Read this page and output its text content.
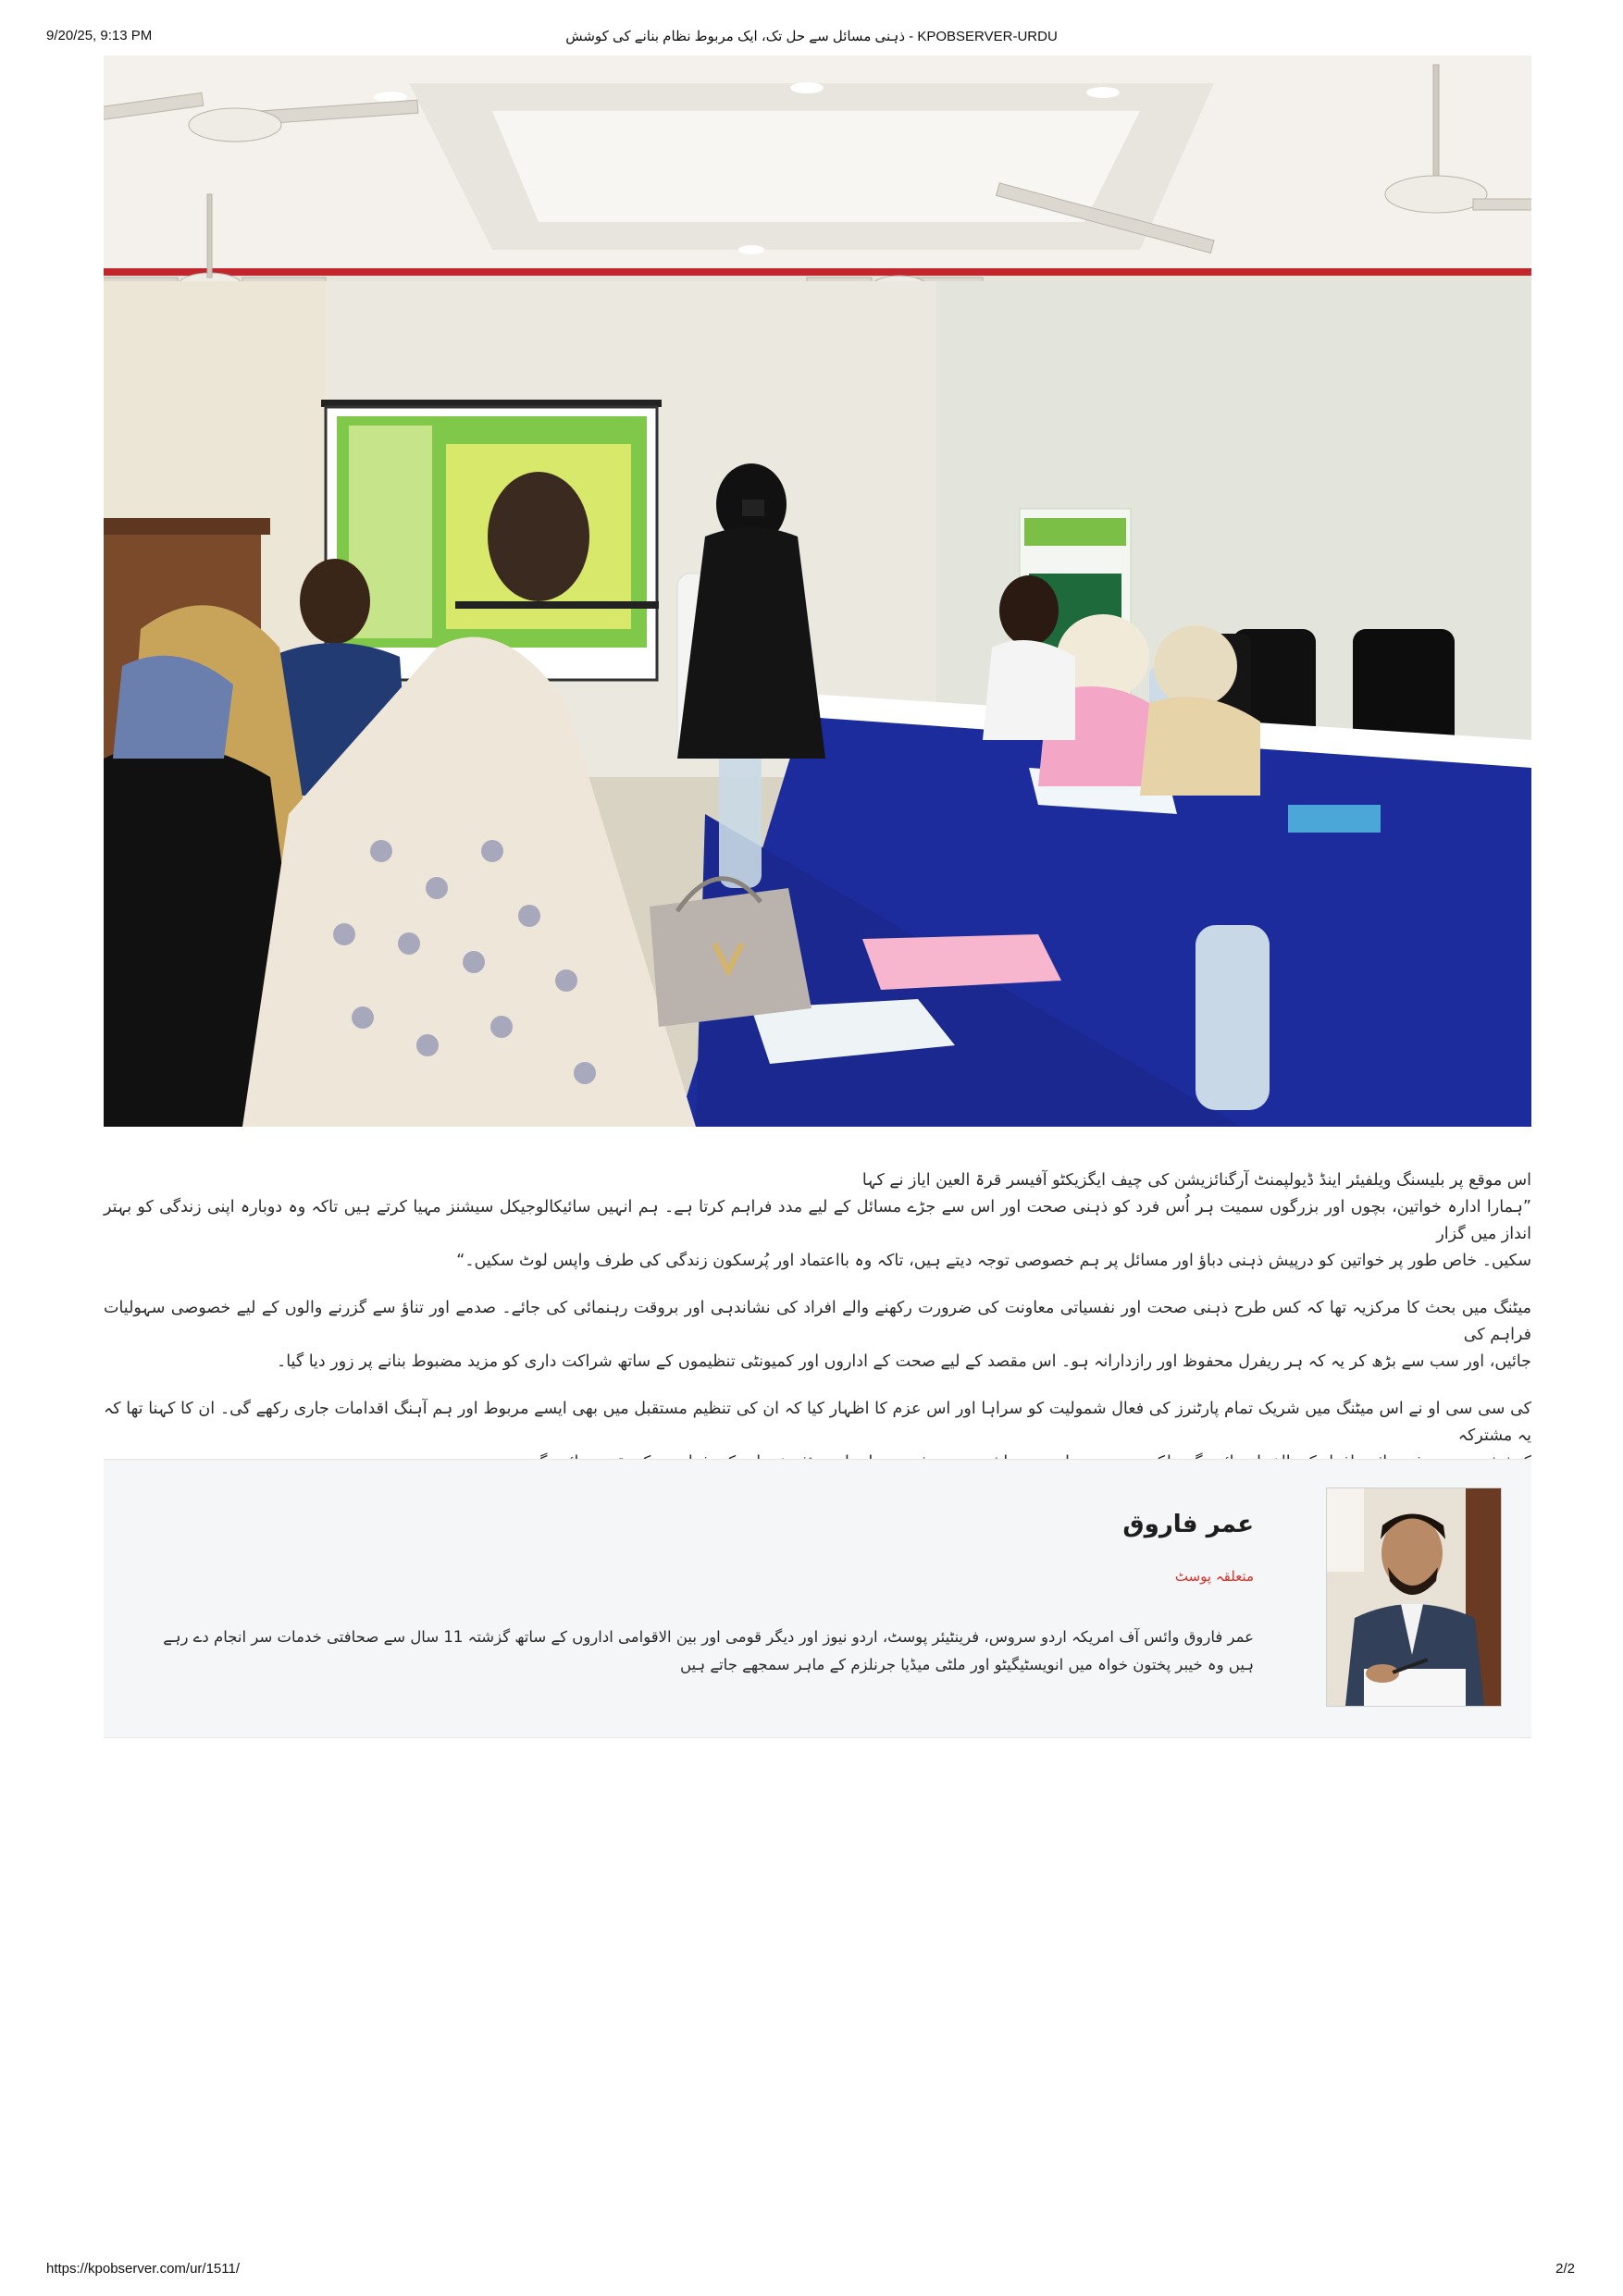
9/20/25, 9:13 PM	KPOBSERVER-URDU - ذہنی مسائل سے حل تک، ایک مربوط نظام بنانے کی کوشش

اس موقع پر بلیسنگ ویلفیئر اینڈ ڈیولپمنٹ آرگنائزیشن کی چیف ایگزیکٹو آفیسر قرۃ العین ایاز نے کہا
”ہمارا ادارہ خواتین، بچوں اور بزرگوں سمیت ہر اُس فرد کو ذہنی صحت اور اس سے جڑے مسائل کے لیے مدد فراہم کرتا ہے۔ ہم انہیں سائیکالوجیکل سیشنز مہیا کرتے ہیں تاکہ وہ دوبارہ اپنی زندگی کو بہتر انداز میں گزار
سکیں۔ خاص طور پر خواتین کو درپیش ذہنی دباؤ اور مسائل پر ہم خصوصی توجہ دیتے ہیں، تاکہ وہ بااعتماد اور پُرسکون زندگی کی طرف واپس لوٹ سکیں۔“

میٹنگ میں بحث کا مرکزیہ تھا کہ کس طرح ذہنی صحت اور نفسیاتی معاونت کی ضرورت رکھنے والے افراد کی نشاندہی اور بروقت رہنمائی کی جائے۔ صدمے اور تناؤ سے گزرنے والوں کے لیے خصوصی سہولیات فراہم کی
جائیں، اور سب سے بڑھ کر یہ کہ ہر ریفرل محفوظ اور رازدارانہ ہو۔ اس مقصد کے لیے صحت کے اداروں اور کمیونٹی تنظیموں کے ساتھ شراکت داری کو مزید مضبوط بنانے پر زور دیا گیا۔

کی سی سی او نے اس میٹنگ میں شریک تمام پارٹنرز کی فعال شمولیت کو سراہا اور اس عزم کا اظہار کیا کہ ان کی تنظیم مستقبل میں بھی ایسے مربوط اور ہم آہنگ اقدامات جاری رکھے گی۔ ان کا کہنا تھا کہ یہ مشترکہ

عمر فاروق
متعلقہ پوسٹ
عمر فاروق وائس آف امریکہ اردو سروس، فرینٹیئر پوسٹ، اردو نیوز اور دیگر قومی اور بین الاقوامی اداروں کے ساتھ گزشتہ 11 سال سے صحافتی خدمات سر انجام دے رہے ہیں وہ خیبر پختون خواہ میں انویسٹیگیٹو اور ملٹی میڈیا جرنلزم کے ماہر سمجھے جاتے ہیں
https://kpobserver.com/ur/1511/	2/2
